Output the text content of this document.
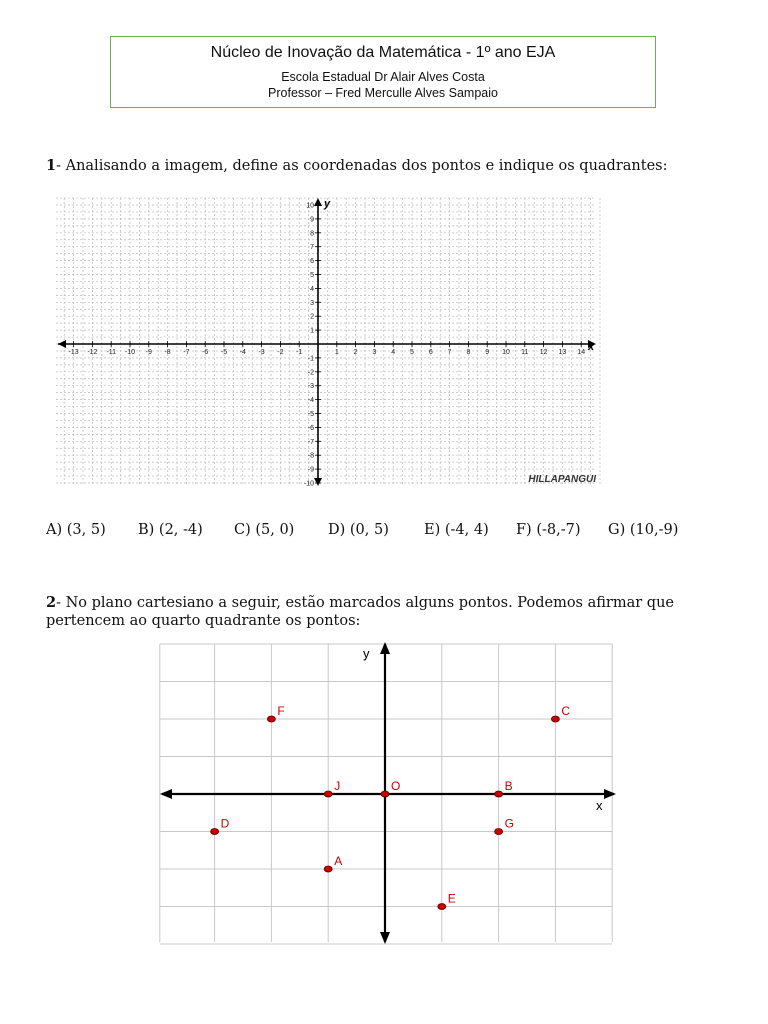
Núcleo de Inovação da Matemática - 1º ano EJA
Escola Estadual Dr Alair Alves Costa
Professor – Fred Merculle Alves Sampaio
1- Analisando a imagem, define as coordenadas dos pontos e indique os quadrantes:
-13 -12 -11 -10 -9 -8 -7 -6 -5 -4 -3 -2 -1	1 2 3 4 5 6 7 8 9 10 11 12 13 14
-10
-9
-8
-7
-6
-5
-4
-3
-2
-1
1
2
3
4
5
6
7
8
9
10
x
y
HILLAPANGUI
A) (3, 5) B) (2, -4) C) (5, 0) D) (0, 5) E) (-4, 4) F) (-8,-7) G) (10,-9)
2- No plano cartesiano a seguir, estão marcados alguns pontos. Podemos afirmar que pertencem ao quarto quadrante os pontos:
x
y
A
B
C
D
E
F
G
J	O
